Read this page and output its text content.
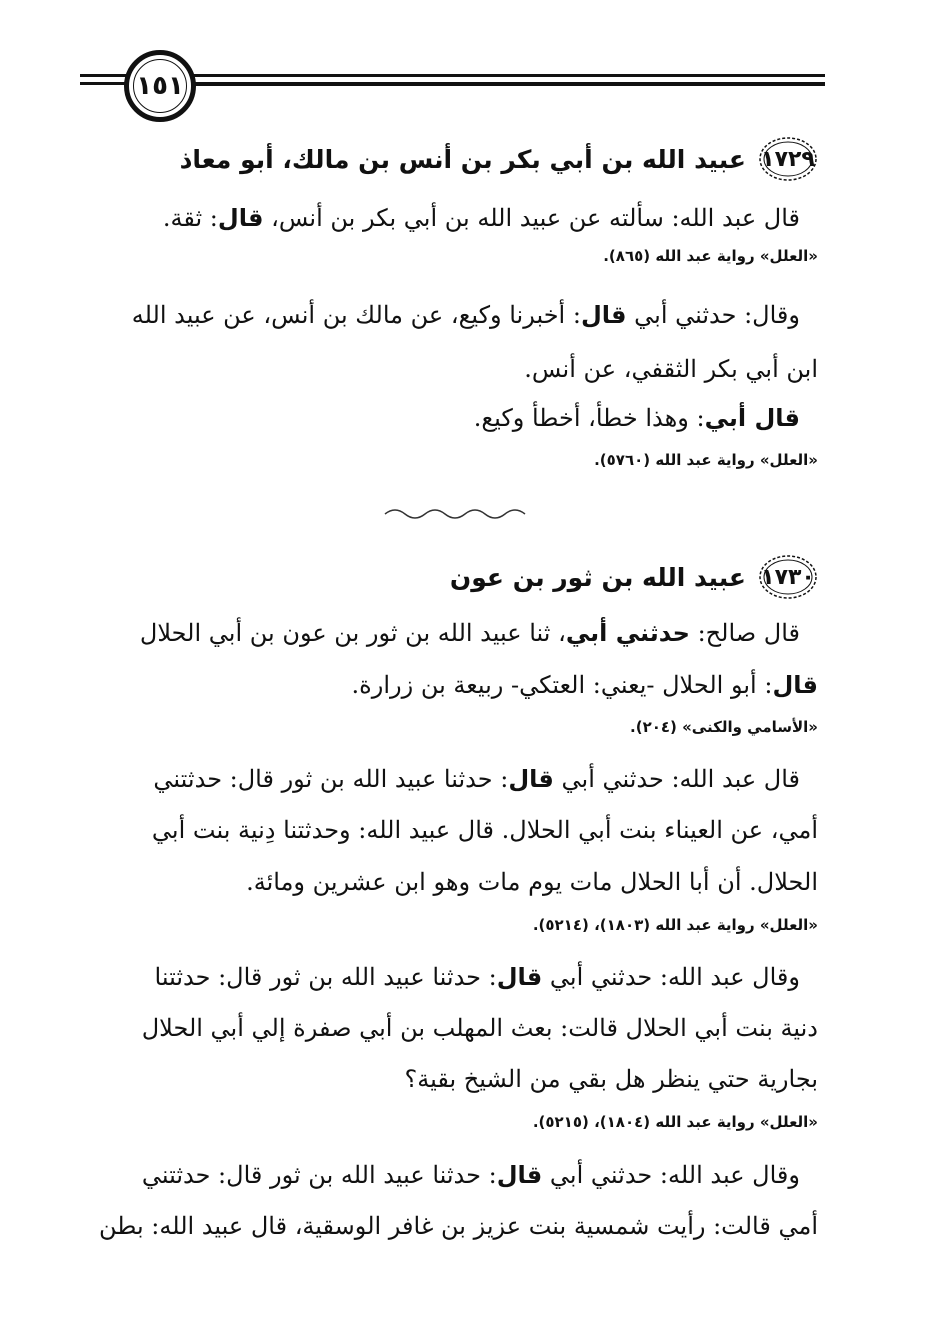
١٥١
١٧٢٩
عبيد الله بن أبي بكر بن أنس بن مالك، أبو معاذ
قال عبد الله: سألته عن عبيد الله بن أبي بكر بن أنس، قال: ثقة.
«العلل» رواية عبد الله (٨٦٥).
وقال: حدثني أبي قال: أخبرنا وكيع، عن مالك بن أنس، عن عبيد الله
ابن أبي بكر الثقفي، عن أنس.
قال أبي: وهذا خطأ، أخطأ وكيع.
«العلل» رواية عبد الله (٥٧٦٠).
١٧٣٠
عبيد الله بن ثور بن عون
قال صالح: حدثني أبي، ثنا عبيد الله بن ثور بن عون بن أبي الحلال
قال: أبو الحلال -يعني: العتكي- ربيعة بن زرارة.
«الأسامي والكنى» (٢٠٤).
قال عبد الله: حدثني أبي قال: حدثنا عبيد الله بن ثور قال: حدثتني
أمي، عن العيناء بنت أبي الحلال. قال عبيد الله: وحدثتنا دِنية بنت أبي
الحلال. أن أبا الحلال مات يوم مات وهو ابن عشرين ومائة.
«العلل» رواية عبد الله (١٨٠٣)، (٥٢١٤).
وقال عبد الله: حدثني أبي قال: حدثنا عبيد الله بن ثور قال: حدثتنا
دنية بنت أبي الحلال قالت: بعث المهلب بن أبي صفرة إلي أبي الحلال
بجارية حتي ينظر هل بقي من الشيخ بقية؟
«العلل» رواية عبد الله (١٨٠٤)، (٥٢١٥).
وقال عبد الله: حدثني أبي قال: حدثنا عبيد الله بن ثور قال: حدثتني
أمي قالت: رأيت شمسية بنت عزيز بن غافر الوسقية، قال عبيد الله: بطن
